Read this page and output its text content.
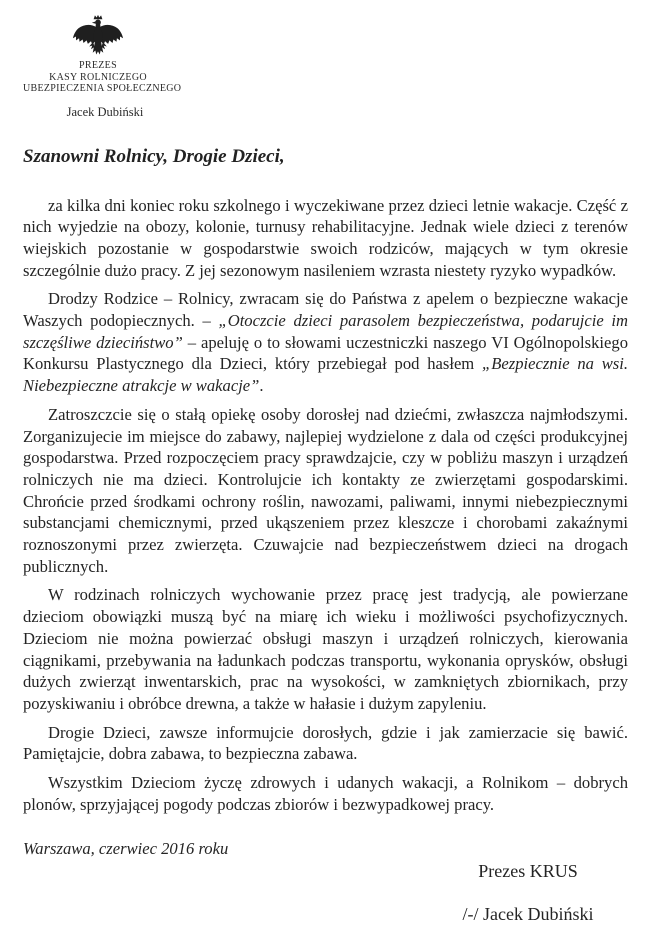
PREZES
KASY ROLNICZEGO
UBEZPIECZENIA SPOŁECZNEGO
Jacek Dubiński
Szanowni Rolnicy, Drogie Dzieci,

za kilka dni koniec roku szkolnego i wyczekiwane przez dzieci letnie wakacje. Część z nich wyjedzie na obozy, kolonie, turnusy rehabilitacyjne. Jednak wiele dzieci z terenów wiejskich pozostanie w gospodarstwie swoich rodziców, mających w tym okresie szczególnie dużo pracy. Z jej sezonowym nasileniem wzrasta niestety ryzyko wypadków.

Drodzy Rodzice – Rolnicy, zwracam się do Państwa z apelem o bezpieczne wakacje Waszych podopiecznych. – „Otoczcie dzieci parasolem bezpieczeństwa, podarujcie im szczęśliwe dzieciństwo” – apeluję o to słowami uczestniczki naszego VI Ogólnopolskiego Konkursu Plastycznego dla Dzieci, który przebiegał pod hasłem „Bezpiecznie na wsi. Niebezpieczne atrakcje w wakacje”.

Zatroszczcie się o stałą opiekę osoby dorosłej nad dziećmi, zwłaszcza najmłodszymi. Zorganizujecie im miejsce do zabawy, najlepiej wydzielone z dala od części produkcyjnej gospodarstwa. Przed rozpoczęciem pracy sprawdzajcie, czy w pobliżu maszyn i urządzeń rolniczych nie ma dzieci. Kontrolujcie ich kontakty ze zwierzętami gospodarskimi. Chrońcie przed środkami ochrony roślin, nawozami, paliwami, innymi niebezpiecznymi substancjami chemicznymi, przed ukąszeniem przez kleszcze i chorobami zakaźnymi roznoszonymi przez zwierzęta. Czuwajcie nad bezpieczeństwem dzieci na drogach publicznych.

W rodzinach rolniczych wychowanie przez pracę jest tradycją, ale powierzane dzieciom obowiązki muszą być na miarę ich wieku i możliwości psychofizycznych. Dzieciom nie można powierzać obsługi maszyn i urządzeń rolniczych, kierowania ciągnikami, przebywania na ładunkach podczas transportu, wykonania oprysków, obsługi dużych zwierząt inwentarskich, prac na wysokości, w zamkniętych zbiornikach, przy pozyskiwaniu i obróbce drewna, a także w hałasie i dużym zapyleniu.

Drogie Dzieci, zawsze informujcie dorosłych, gdzie i jak zamierzacie się bawić. Pamiętajcie, dobra zabawa, to bezpieczna zabawa.

Wszystkim Dzieciom życzę zdrowych i udanych wakacji, a Rolnikom – dobrych plonów, sprzyjającej pogody podczas zbiorów i bezwypadkowej pracy.

Warszawa, czerwiec 2016 roku
Prezes KRUS
/-/ Jacek Dubiński
